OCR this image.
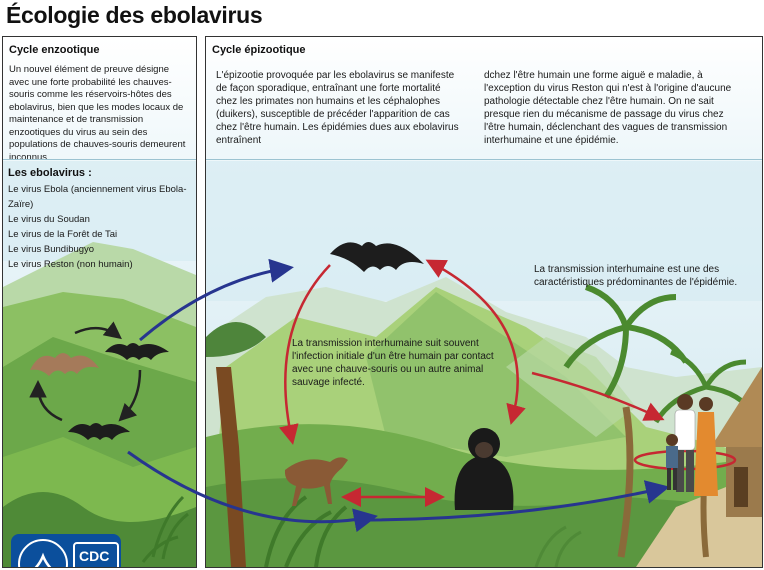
Écologie des ebolavirus
Cycle enzootique
Un nouvel élément de preuve désigne avec une forte probabilité les chauves-souris comme les réservoirs-hôtes des ebolavirus, bien que les modes locaux de maintenance et de transmission enzootiques du virus au sein des populations de chauves-souris demeurent inconnus.
Les ebolavirus :
Le virus Ebola (anciennement virus Ebola-Zaïre)
Le virus du Soudan
Le virus de la Forêt de Tai
Le virus Bundibugyo
Le virus Reston (non humain)
CDC
Cycle épizootique
L'épizootie provoquée par les ebolavirus se manifeste de façon sporadique, entraînant une forte mortalité chez les primates non humains et les céphalophes (duikers), susceptible de précéder l'apparition de cas chez l'être humain. Les épidémies dues aux ebolavirus entraînent
dchez l'être humain une forme aiguë e maladie, à l'exception du virus Reston qui n'est à l'origine d'aucune pathologie détectable chez l'être humain. On ne sait presque rien du mécanisme de passage du virus chez l'être humain, déclenchant des vagues de transmission interhumaine et une épidémie.
La transmission interhumaine suit souvent l'infection initiale d'un être humain par contact avec une chauve-souris ou un autre animal sauvage infecté.
La transmission interhumaine est une des caractéristiques prédominantes de l'épidémie.
